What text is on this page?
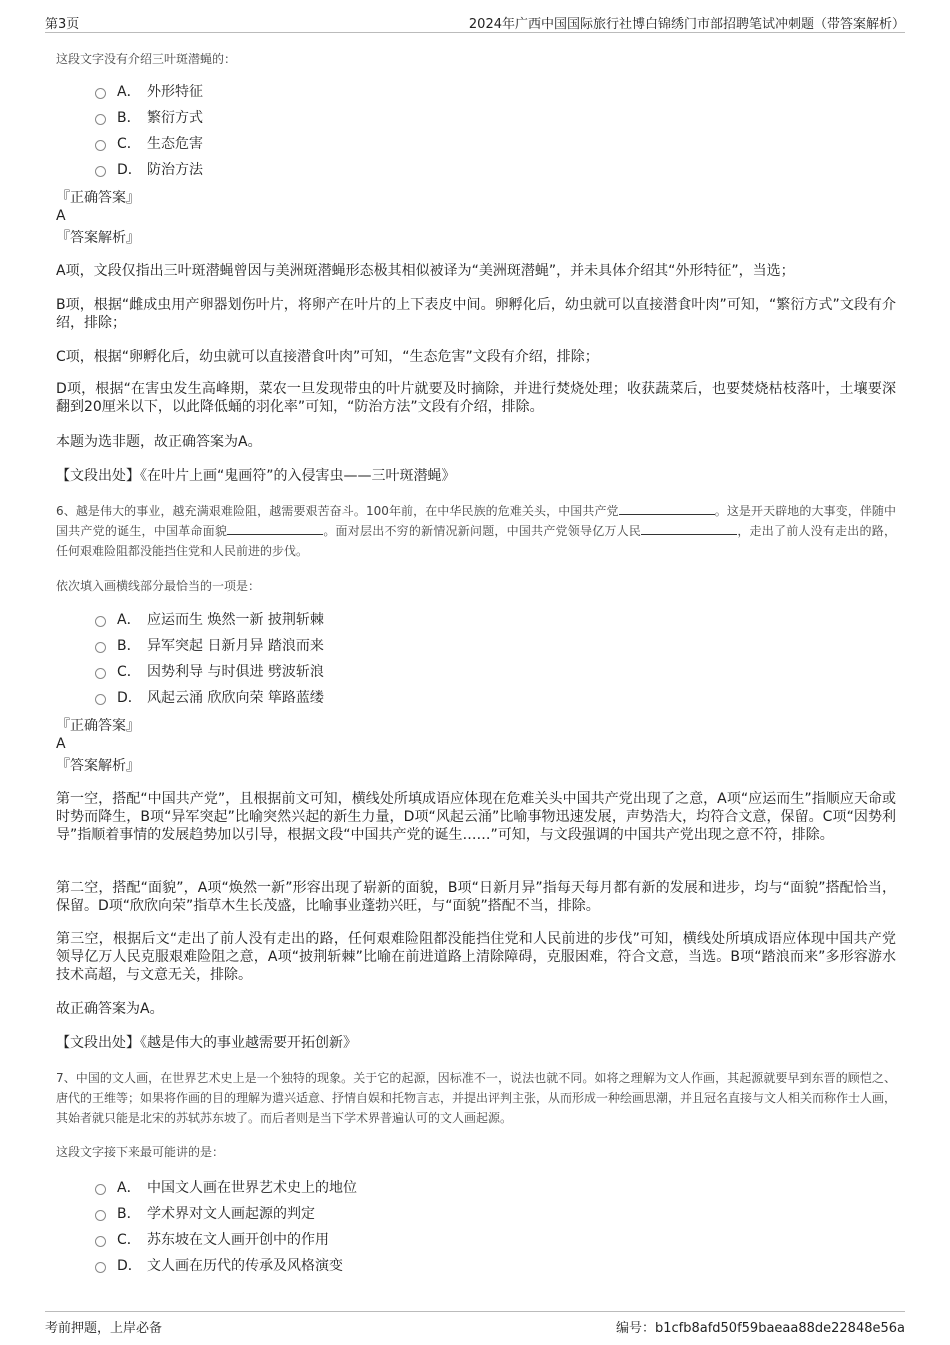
第3页	2024年广西中国国际旅行社博白锦绣门市部招聘笔试冲刺题（带答案解析）
这段文字没有介绍三叶斑潜蝇的：
A． 外形特征
B． 繁衍方式
C． 生态危害
D． 防治方法
『正确答案』
A
『答案解析』
A项，文段仅指出三叶斑潜蝇曾因与美洲斑潜蝇形态极其相似被译为“美洲斑潜蝇”，并未具体介绍其“外形特征”，当选；
B项，根据“雌成虫用产卵器划伤叶片，将卵产在叶片的上下表皮中间。卵孵化后，幼虫就可以直接潜食叶肉”可知，“繁衍方式”文段有介绍，排除；
C项，根据“卵孵化后，幼虫就可以直接潜食叶肉”可知，“生态危害”文段有介绍，排除；
D项，根据“在害虫发生高峰期，菜农一旦发现带虫的叶片就要及时摘除，并进行焚烧处理；收获蔬菜后，也要焚烧枯枝落叶，土壤要深翻到20厘米以下，以此降低蛹的羽化率”可知，“防治方法”文段有介绍，排除。
本题为选非题，故正确答案为A。
【文段出处】《在叶片上画“鬼画符”的入侵害虫——三叶斑潜蝇》
6、越是伟大的事业，越充满艰难险阻，越需要艰苦奋斗。100年前，在中华民族的危难关头，中国共产党	。这是开天辟地的大事变，伴随中国共产党的诞生，中国革命面貌	。面对层出不穷的新情况新问题，中国共产党领导亿万人民	，走出了前人没有走出的路，任何艰难险阻都没能挡住党和人民前进的步伐。
依次填入画横线部分最恰当的一项是：
A． 应运而生 焕然一新 披荆斩棘
B． 异军突起 日新月异 踏浪而来
C． 因势利导 与时俱进 劈波斩浪
D． 风起云涌 欣欣向荣 筚路蓝缕
『正确答案』
A
『答案解析』
第一空，搭配“中国共产党”，且根据前文可知，横线处所填成语应体现在危难关头中国共产党出现了之意，A项“应运而生”指顺应天命或时势而降生，B项“异军突起”比喻突然兴起的新生力量，D项“风起云涌”比喻事物迅速发展，声势浩大，均符合文意，保留。C项“因势利导”指顺着事情的发展趋势加以引导，根据文段“中国共产党的诞生……”可知，与文段强调的中国共产党出现之意不符，排除。
第二空，搭配“面貌”，A项“焕然一新”形容出现了崭新的面貌，B项“日新月异”指每天每月都有新的发展和进步，均与“面貌”搭配恰当，保留。D项“欣欣向荣”指草木生长茂盛，比喻事业蓬勃兴旺，与“面貌”搭配不当，排除。
第三空，根据后文“走出了前人没有走出的路，任何艰难险阻都没能挡住党和人民前进的步伐”可知，横线处所填成语应体现中国共产党领导亿万人民克服艰难险阻之意，A项“披荆斩棘”比喻在前进道路上清除障碍，克服困难，符合文意，当选。B项“踏浪而来”多形容游水技术高超，与文意无关，排除。
故正确答案为A。
【文段出处】《越是伟大的事业越需要开拓创新》
7、中国的文人画，在世界艺术史上是一个独特的现象。关于它的起源，因标准不一，说法也就不同。如将之理解为文人作画，其起源就要早到东晋的顾恺之、唐代的王维等；如果将作画的目的理解为遣兴适意、抒情自娱和托物言志，并提出评判主张，从而形成一种绘画思潮，并且冠名直接与文人相关而称作士人画，其始者就只能是北宋的苏轼苏东坡了。而后者则是当下学术界普遍认可的文人画起源。
这段文字接下来最可能讲的是：
A． 中国文人画在世界艺术史上的地位
B． 学术界对文人画起源的判定
C． 苏东坡在文人画开创中的作用
D． 文人画在历代的传承及风格演变
考前押题，上岸必备	编号：b1cfb8afd50f59baeaa88de22848e56a
